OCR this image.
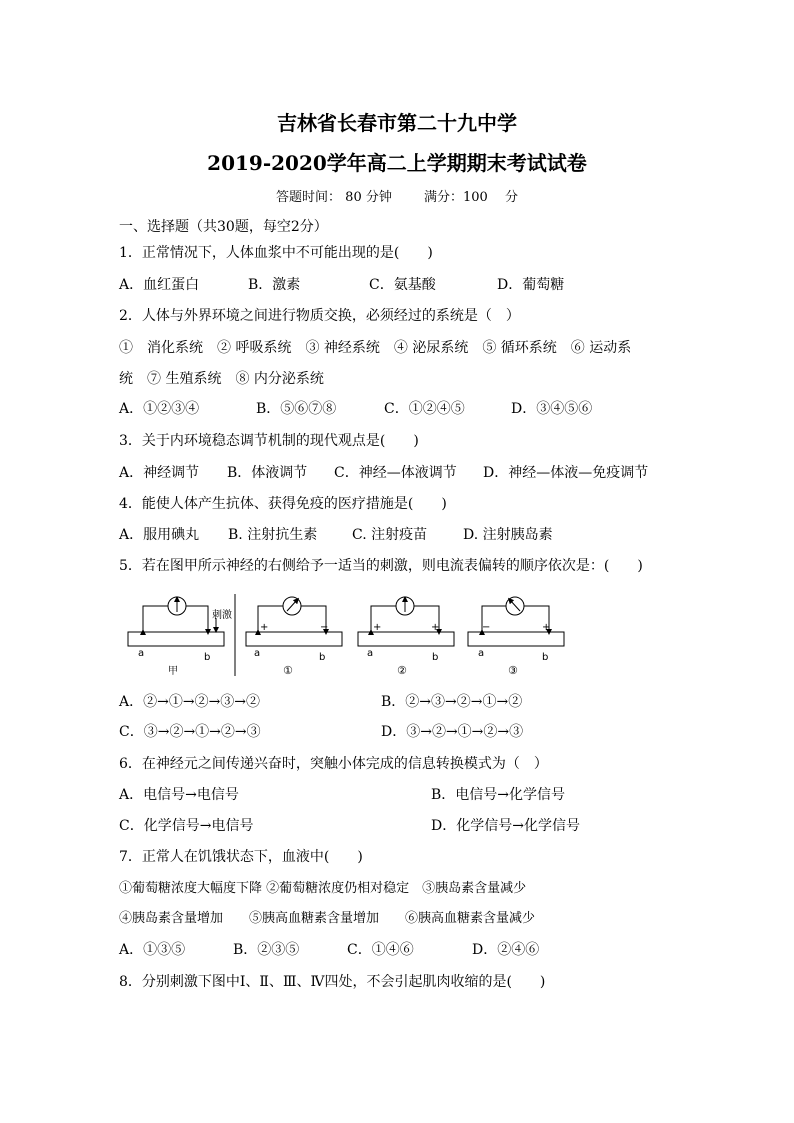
吉林省长春市第二十九中学
2019-2020学年高二上学期期末考试试卷
答题时间： 80 分钟 满分：100　 分
一、选择题（共30题，每空2分）
1．正常情况下，人体血浆中不可能出现的是(　　)
A．血红蛋白	B．激素	C．氨基酸	D．葡萄糖
2．人体与外界环境之间进行物质交换，必须经过的系统是（　）
①　消化系统　② 呼吸系统　③ 神经系统　④ 泌尿系统　⑤ 循环系统　⑥ 运动系
统　⑦ 生殖系统　⑧ 内分泌系统
A．①②③④	B．⑤⑥⑦⑧	C．①②④⑤	D．③④⑤⑥
3．关于内环境稳态调节机制的现代观点是(　　)
A．神经调节 B．体液调节 C．神经—体液调节 D．神经—体液—免疫调节
4．能使人体产生抗体、获得免疫的医疗措施是(　　)
A．服用碘丸 B. 注射抗生素 C. 注射疫苗	D. 注射胰岛素
5．若在图甲所示神经的右侧给予一适当的刺激，则电流表偏转的顺序依次是：(　　)
刺激
a	b
甲
+	−
a	b
①
+	+
a	b
②
−	+
a	b
③
A．②→①→②→③→②	B．②→③→②→①→②
C．③→②→①→②→③	D．③→②→①→②→③
6．在神经元之间传递兴奋时，突触小体完成的信息转换模式为（　）
A．电信号→电信号	B．电信号→化学信号
C．化学信号→电信号	D．化学信号→化学信号
7．正常人在饥饿状态下，血液中(　　)
①葡萄糖浓度大幅度下降 ②葡萄糖浓度仍相对稳定　③胰岛素含量减少
④胰岛素含量增加　　⑤胰高血糖素含量增加　　⑥胰高血糖素含量减少
A．①③⑤	B．②③⑤	C．①④⑥	D．②④⑥
8．分别刺激下图中Ⅰ、Ⅱ、Ⅲ、Ⅳ四处，不会引起肌肉收缩的是(　　)
